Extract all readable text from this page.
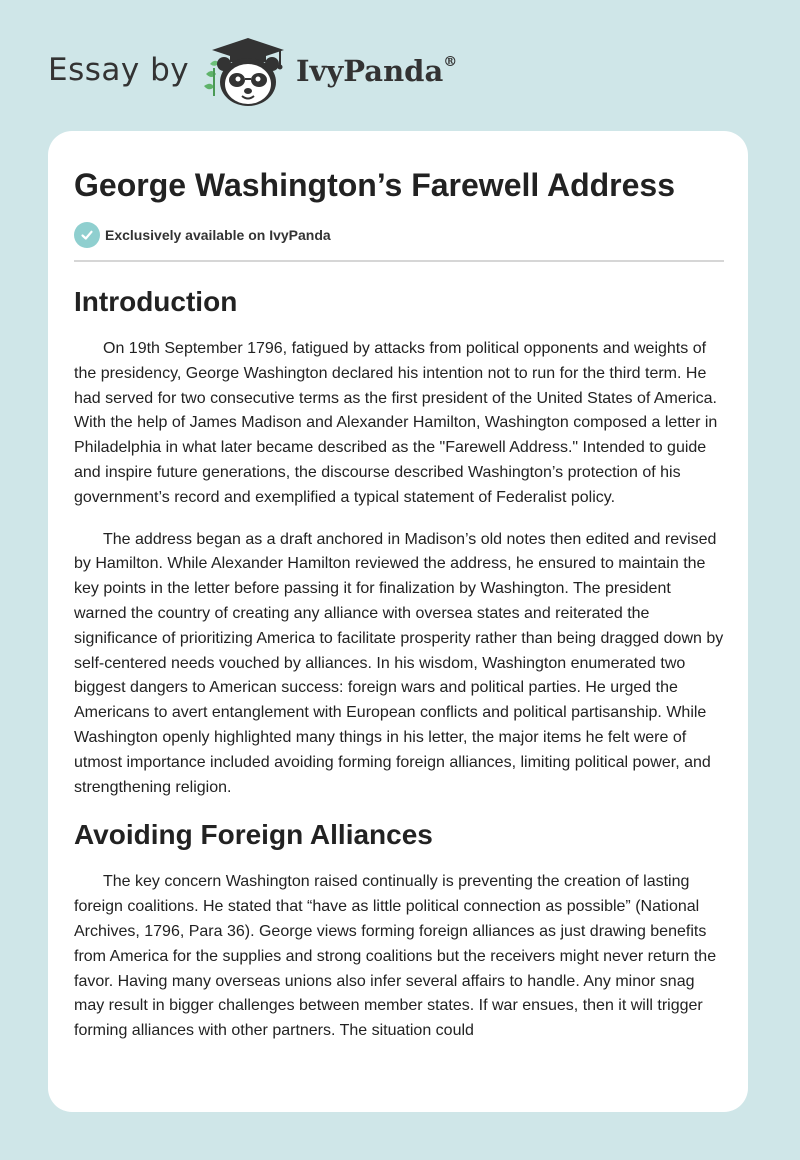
Essay by	IvyPanda®
George Washington’s Farewell Address
Exclusively available on IvyPanda
Introduction

On 19th September 1796, fatigued by attacks from political opponents and weights of the presidency, George Washington declared his intention not to run for the third term. He had served for two consecutive terms as the first president of the United States of America. With the help of James Madison and Alexander Hamilton, Washington composed a letter in Philadelphia in what later became described as the "Farewell Address." Intended to guide and inspire future generations, the discourse described Washington’s protection of his government’s record and exemplified a typical statement of Federalist policy.

The address began as a draft anchored in Madison’s old notes then edited and revised by Hamilton. While Alexander Hamilton reviewed the address, he ensured to maintain the key points in the letter before passing it for finalization by Washington. The president warned the country of creating any alliance with oversea states and reiterated the significance of prioritizing America to facilitate prosperity rather than being dragged down by self-centered needs vouched by alliances. In his wisdom, Washington enumerated two biggest dangers to American success: foreign wars and political parties. He urged the Americans to avert entanglement with European conflicts and political partisanship. While Washington openly highlighted many things in his letter, the major items he felt were of utmost importance included avoiding forming foreign alliances, limiting political power, and strengthening religion.

Avoiding Foreign Alliances

The key concern Washington raised continually is preventing the creation of lasting foreign coalitions. He stated that “have as little political connection as possible” (National Archives, 1796, Para 36). George views forming foreign alliances as just drawing benefits from America for the supplies and strong coalitions but the receivers might never return the favor. Having many overseas unions also infer several affairs to handle. Any minor snag may result in bigger challenges between member states. If war ensues, then it will trigger forming alliances with other partners. The situation could
